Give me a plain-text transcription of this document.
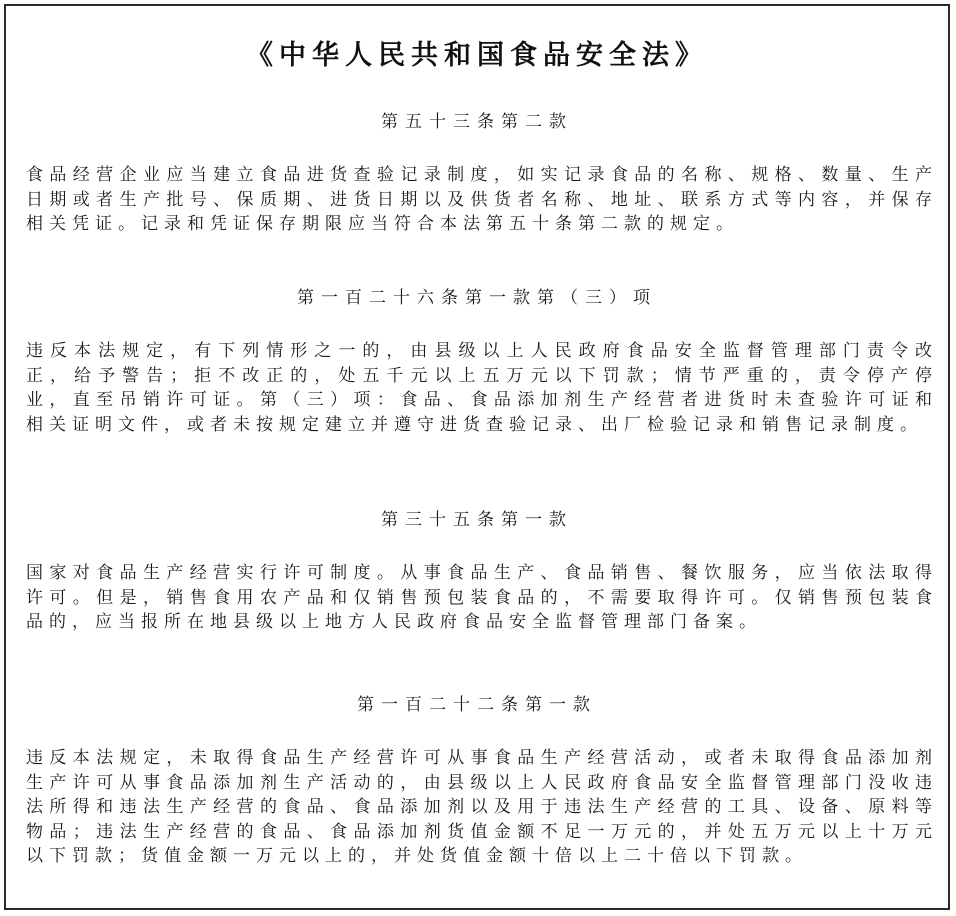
《中华人民共和国食品安全法》
第五十三条第二款
食品经营企业应当建立食品进货查验记录制度，如实记录食品的名称、规格、数量、生产日期或者生产批号、保质期、进货日期以及供货者名称、地址、联系方式等内容，并保存相关凭证。记录和凭证保存期限应当符合本法第五十条第二款的规定。
第一百二十六条第一款第（三）项
违反本法规定，有下列情形之一的，由县级以上人民政府食品安全监督管理部门责令改正，给予警告；拒不改正的，处五千元以上五万元以下罚款；情节严重的，责令停产停业，直至吊销许可证。第（三）项：食品、食品添加剂生产经营者进货时未查验许可证和相关证明文件，或者未按规定建立并遵守进货查验记录、出厂检验记录和销售记录制度。
第三十五条第一款
国家对食品生产经营实行许可制度。从事食品生产、食品销售、餐饮服务，应当依法取得许可。但是，销售食用农产品和仅销售预包装食品的，不需要取得许可。仅销售预包装食品的，应当报所在地县级以上地方人民政府食品安全监督管理部门备案。
第一百二十二条第一款
违反本法规定，未取得食品生产经营许可从事食品生产经营活动，或者未取得食品添加剂生产许可从事食品添加剂生产活动的，由县级以上人民政府食品安全监督管理部门没收违法所得和违法生产经营的食品、食品添加剂以及用于违法生产经营的工具、设备、原料等物品；违法生产经营的食品、食品添加剂货值金额不足一万元的，并处五万元以上十万元以下罚款；货值金额一万元以上的，并处货值金额十倍以上二十倍以下罚款。
